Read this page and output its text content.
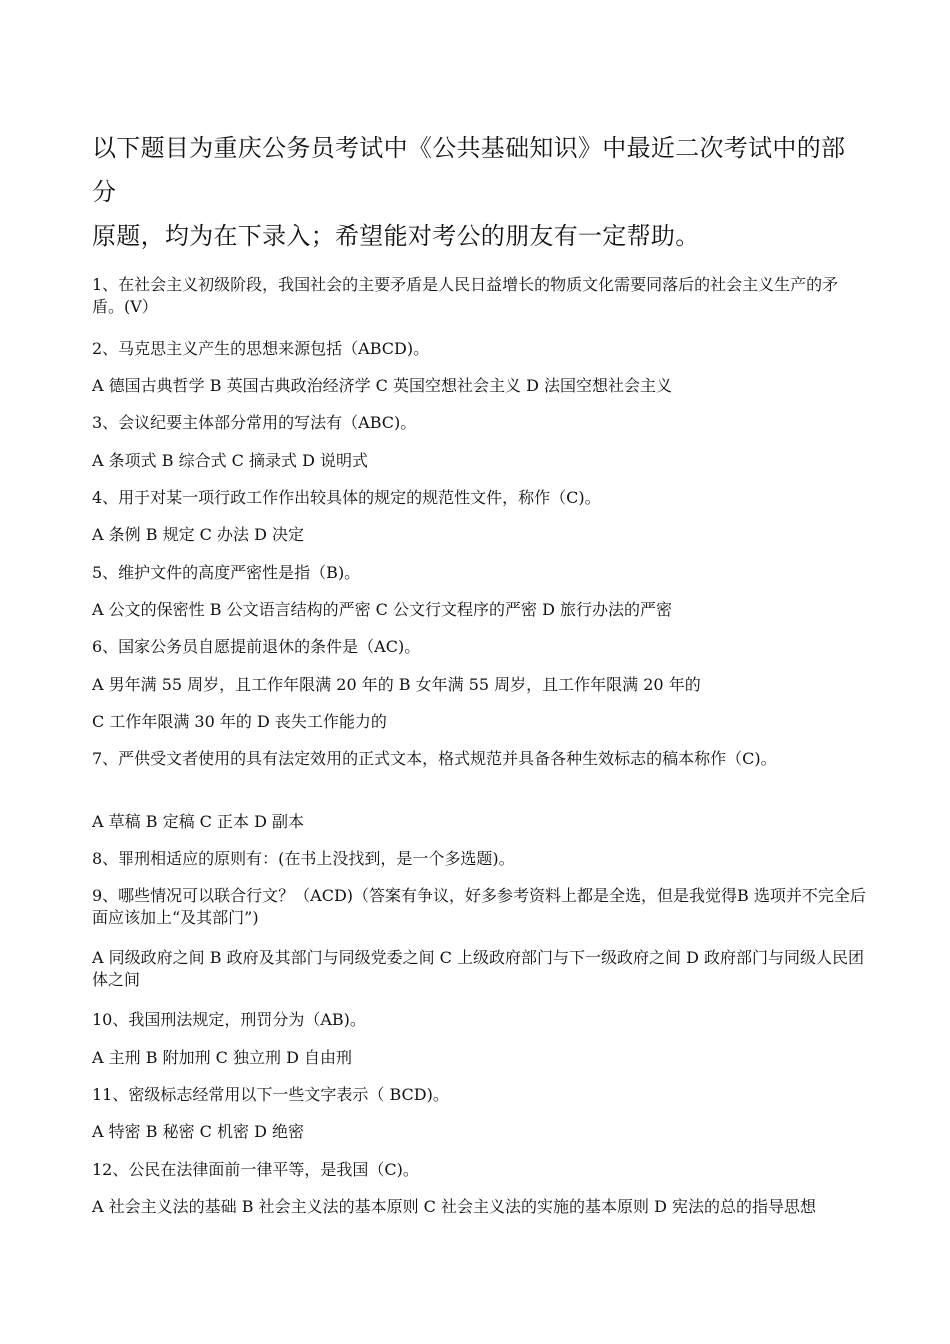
以下题目为重庆公务员考试中《公共基础知识》中最近二次考试中的部分

原题，均为在下录入；希望能对考公的朋友有一定帮助。

1、在社会主义初级阶段，我国社会的主要矛盾是人民日益增长的物质文化需要同落后的社会主义生产的矛盾。(V）
2、马克思主义产生的思想来源包括（ABCD)。
A 德国古典哲学 B 英国古典政治经济学 C 英国空想社会主义 D 法国空想社会主义
3、会议纪要主体部分常用的写法有（ABC)。
A 条项式 B 综合式 C 摘录式 D 说明式
4、用于对某一项行政工作作出较具体的规定的规范性文件，称作（C)。
A 条例 B 规定 C 办法 D 决定
5、维护文件的高度严密性是指（B)。
A 公文的保密性 B 公文语言结构的严密 C 公文行文程序的严密 D 旅行办法的严密
6、国家公务员自愿提前退休的条件是（AC)。
A 男年满 55 周岁，且工作年限满 20 年的 B 女年满 55 周岁，且工作年限满 20 年的
C 工作年限满 30 年的 D 丧失工作能力的
7、严供受文者使用的具有法定效用的正式文本，格式规范并具备各种生效标志的稿本称作（C)。
A 草稿 B 定稿 C 正本 D 副本
8、罪刑相适应的原则有：(在书上没找到，是一个多选题)。
9、哪些情况可以联合行文？（ACD)（答案有争议，好多参考资料上都是全选，但是我觉得B 选项并不完全后面应该加上“及其部门”)
A 同级政府之间 B 政府及其部门与同级党委之间 C 上级政府部门与下一级政府之间 D 政府部门与同级人民团体之间
10、我国刑法规定，刑罚分为（AB)。
A 主刑 B 附加刑 C 独立刑 D 自由刑
11、密级标志经常用以下一些文字表示（ BCD)。
A 特密 B 秘密 C 机密 D 绝密
12、公民在法律面前一律平等，是我国（C)。
A 社会主义法的基础 B 社会主义法的基本原则 C 社会主义法的实施的基本原则 D 宪法的总的指导思想
